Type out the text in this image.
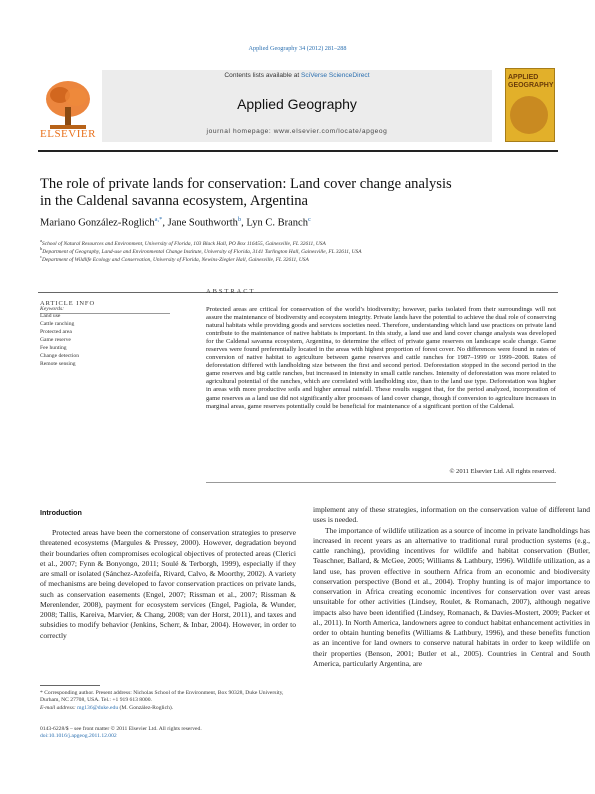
Applied Geography 34 (2012) 281–288
ELSEVIER
Contents lists available at SciVerse ScienceDirect
Applied Geography
journal homepage: www.elsevier.com/locate/apgeog
APPLIED
GEOGRAPHY
The role of private lands for conservation: Land cover change analysis
in the Caldenal savanna ecosystem, Argentina
Mariano González-Roglich$^{a,*}$, Jane Southworth$^b$, Lyn C. Branch$^c$
$^a$School of Natural Resources and Environment, University of Florida, 103 Black Hall, PO Box 116455, Gainesville, FL 32611, USA
$^b$Department of Geography, Land-use and Environmental Change Institute, University of Florida, 3141 Turlington Hall, Gainesville, FL 32611, USA
$^c$Department of Wildlife Ecology and Conservation, University of Florida, Newins-Ziegler Hall, Gainesville, FL 32611, USA
ARTICLE INFO
Keywords:
Land use
Cattle ranching
Protected area
Game reserve
Fee hunting
Change detection
Remote sensing
ABSTRACT
Protected areas are critical for conservation of the world’s biodiversity; however, parks isolated from their surroundings will not assure the maintenance of biodiversity and ecosystem integrity. Private lands have the potential to achieve the dual role of conserving natural habitats while providing goods and services societies need. Therefore, understanding which land use practices on private land contribute to the maintenance of native habitats is important. In this study, a land use and land cover change analysis was developed for the Caldenal savanna ecosystem, Argentina, to determine the effect of private game reserves on landscape scale change. Game reserves were found preferentially located in the areas with highest proportion of forest cover. No differences were found in rates of conversion of native habitat to agriculture between game reserves and cattle ranches for 1987–1999 or 1999–2008. Rates of deforestation differed with landholding size between the first and second period. Deforestation stopped in the second period in the game reserves and big cattle ranches, but increased in intensity in small cattle ranches. Intensity of deforestation was more related to agricultural potential of the ranches, which are correlated with landholding size, than to the land use type. Deforestation was higher in areas with more productive soils and higher annual rainfall. These results suggest that, for the period analyzed, incorporation of game reserves as a land use did not significantly alter processes of land cover change, though if conversion to agriculture increases in marginal areas, game reserves potentially could be beneficial for maintenance of a significant portion of the Caldenal.
© 2011 Elsevier Ltd. All rights reserved.
Introduction
Protected areas have been the cornerstone of conservation strategies to preserve threatened ecosystems (Margules & Pressey, 2000). However, degradation beyond their boundaries often compromises ecological objectives of protected areas (Clerici et al., 2007; Fynn & Bonyongo, 2011; Soulé & Terborgh, 1999), especially if they are small or isolated (Sánchez-Azofeifa, Rivard, Calvo, & Moorthy, 2002). A variety of mechanisms are being developed to favor conservation practices on private lands, such as conservation easements (Engel, 2007; Rissman et al., 2007; Rissman & Merenlender, 2008), payment for ecosystem services (Engel, Pagiola, & Wunder, 2008; Tallis, Kareiva, Marvier, & Chang, 2008; van der Horst, 2011), and taxes and subsidies to modify behavior (Jenkins, Scherr, & Inbar, 2004). However, in order to correctly
implement any of these strategies, information on the conservation value of different land uses is needed.
The importance of wildlife utilization as a source of income in private landholdings has increased in recent years as an alternative to traditional rural production systems (e.g., cattle ranching), providing incentives for wildlife and habitat conservation (Butler, Teaschner, Ballard, & McGee, 2005; Williams & Lathbury, 1996). Wildlife utilization, as a land use, has proven effective in southern Africa from an economic and biodiversity conservation perspective (Bond et al., 2004). Trophy hunting is of major importance to conservation in Africa creating economic incentives for conservation over vast areas unsuitable for other activities (Lindsey, Roulet, & Romanach, 2007), although negative impacts also have been identified (Lindsey, Romanach, & Davies-Mostert, 2009; Packer et al., 2011). In North America, landowners agree to conduct habitat enhancement activities in order to obtain hunting benefits (Williams & Lathbury, 1996), and these benefits function as an incentive for land owners to conserve natural habitats in order to keep wildlife on their properties (Benson, 2001; Butler et al., 2005). Countries in Central and South America, particularly Argentina, are
* Corresponding author. Present address: Nicholas School of the Environment, Box 90328, Duke University, Durham, NC 27708, USA. Tel.: +1 919 613 8000.
E-mail address: mg136@duke.edu (M. González-Roglich).
0143-6228/$ – see front matter © 2011 Elsevier Ltd. All rights reserved.
doi:10.1016/j.apgeog.2011.12.002
